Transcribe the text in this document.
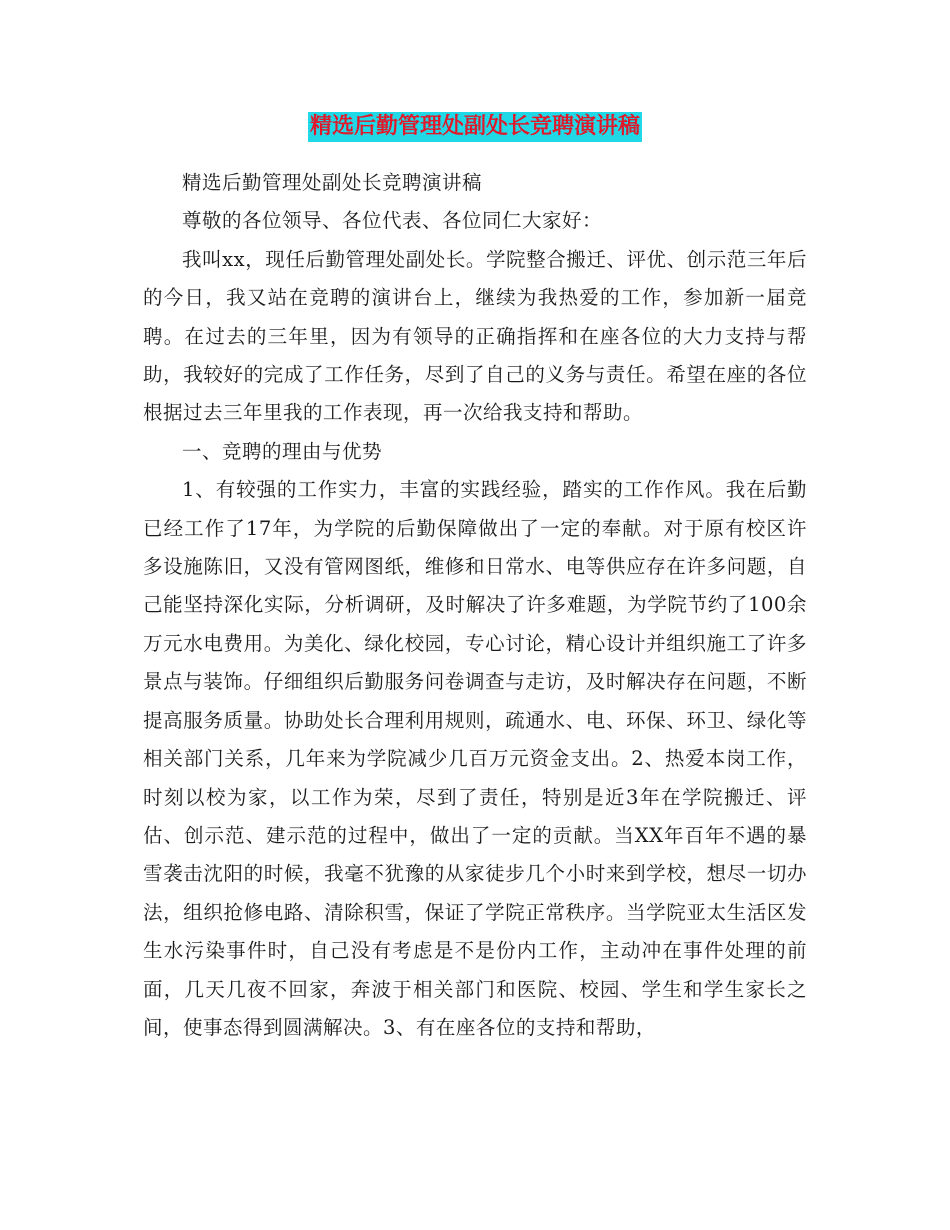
精选后勤管理处副处长竞聘演讲稿

精选后勤管理处副处长竞聘演讲稿

尊敬的各位领导、各位代表、各位同仁大家好：

我叫xx，现任后勤管理处副处长。学院整合搬迁、评优、创示范三年后的今日，我又站在竞聘的演讲台上，继续为我热爱的工作，参加新一届竞聘。在过去的三年里，因为有领导的正确指挥和在座各位的大力支持与帮助，我较好的完成了工作任务，尽到了自己的义务与责任。希望在座的各位根据过去三年里我的工作表现，再一次给我支持和帮助。

一、竞聘的理由与优势

1、有较强的工作实力，丰富的实践经验，踏实的工作作风。我在后勤已经工作了17年，为学院的后勤保障做出了一定的奉献。对于原有校区许多设施陈旧，又没有管网图纸，维修和日常水、电等供应存在许多问题，自己能坚持深化实际，分析调研，及时解决了许多难题，为学院节约了100余万元水电费用。为美化、绿化校园，专心讨论，精心设计并组织施工了许多景点与装饰。仔细组织后勤服务问卷调查与走访，及时解决存在问题，不断提高服务质量。协助处长合理利用规则，疏通水、电、环保、环卫、绿化等相关部门关系，几年来为学院减少几百万元资金支出。2、热爱本岗工作，时刻以校为家，以工作为荣，尽到了责任，特别是近3年在学院搬迁、评估、创示范、建示范的过程中，做出了一定的贡献。当XX年百年不遇的暴雪袭击沈阳的时候，我毫不犹豫的从家徒步几个小时来到学校，想尽一切办法，组织抢修电路、清除积雪，保证了学院正常秩序。当学院亚太生活区发生水污染事件时，自己没有考虑是不是份内工作，主动冲在事件处理的前面，几天几夜不回家，奔波于相关部门和医院、校园、学生和学生家长之间，使事态得到圆满解决。3、有在座各位的支持和帮助，
